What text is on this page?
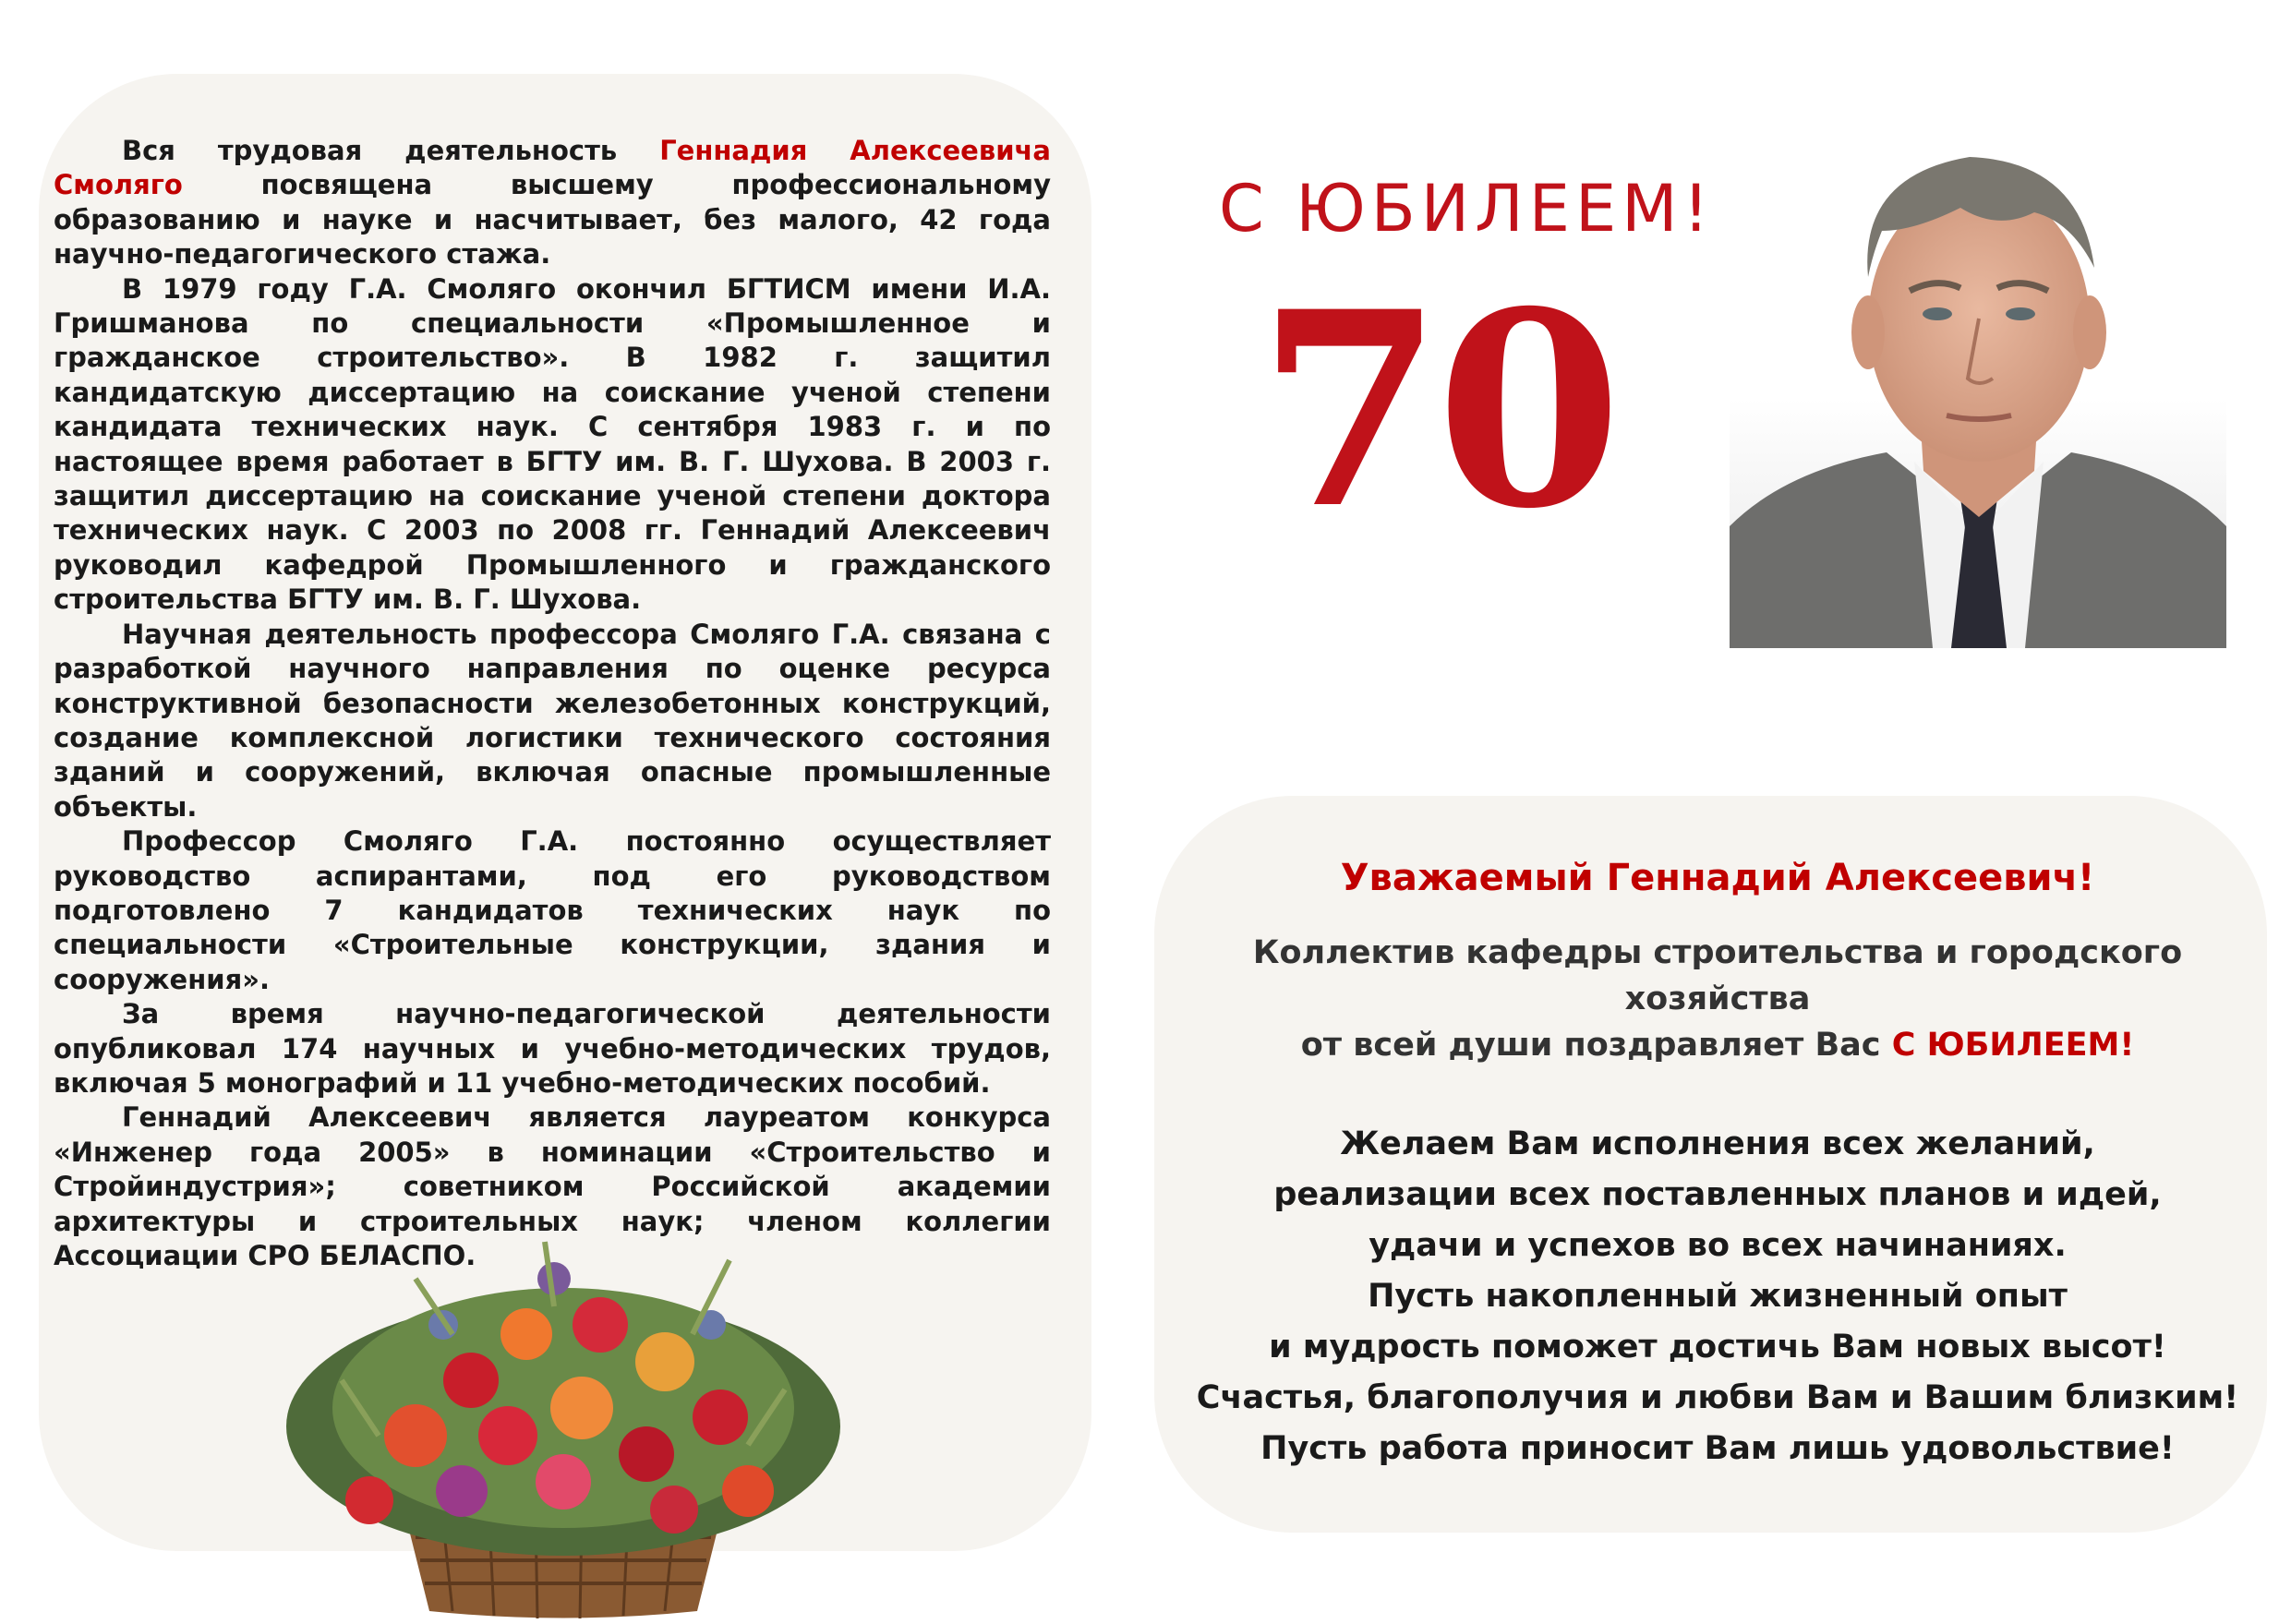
Вся трудовая деятельность Геннадия Алексеевича Смоляго посвящена высшему профессиональному образованию и науке и насчитывает, без малого, 42 года научно-педагогического стажа.

В 1979 году Г.А. Смоляго окончил БГТИСМ имени И.А. Гришманова по специальности «Промышленное и гражданское строительство». В 1982 г. защитил кандидатскую диссертацию на соискание ученой степени кандидата технических наук. С сентября 1983 г. и по настоящее время работает в БГТУ им. В. Г. Шухова. В 2003 г. защитил диссертацию на соискание ученой степени доктора технических наук. С 2003 по 2008 гг. Геннадий Алексеевич руководил кафедрой Промышленного и гражданского строительства БГТУ им. В. Г. Шухова.

Научная деятельность профессора Смоляго Г.А. связана с разработкой научного направления по оценке ресурса конструктивной безопасности железобетонных конструкций, создание комплексной логистики технического состояния зданий и сооружений, включая опасные промышленные объекты.

Профессор Смоляго Г.А. постоянно осуществляет руководство аспирантами, под его руководством подготовлено 7 кандидатов технических наук по специальности «Строительные конструкции, здания и сооружения».

За время научно-педагогической деятельности опубликовал 174 научных и учебно-методических трудов, включая 5 монографий и 11 учебно-методических пособий.

Геннадий Алексеевич является лауреатом конкурса «Инженер года 2005» в номинации «Строительство и Стройиндустрия»; советником Российской академии архитектуры и строительных наук; членом коллегии Ассоциации СРО БЕЛАСПО.

С ЮБИЛЕЕМ!
70
Уважаемый Геннадий Алексеевич!
Коллектив кафедры строительства и городского хозяйства
от всей души поздравляет Вас С ЮБИЛЕЕМ!
Желаем Вам исполнения всех желаний,
реализации всех поставленных планов и идей,
удачи и успехов во всех начинаниях.
Пусть накопленный жизненный опыт
и мудрость поможет достичь Вам новых высот!
Счастья, благополучия и любви Вам и Вашим близким!
Пусть работа приносит Вам лишь удовольствие!
